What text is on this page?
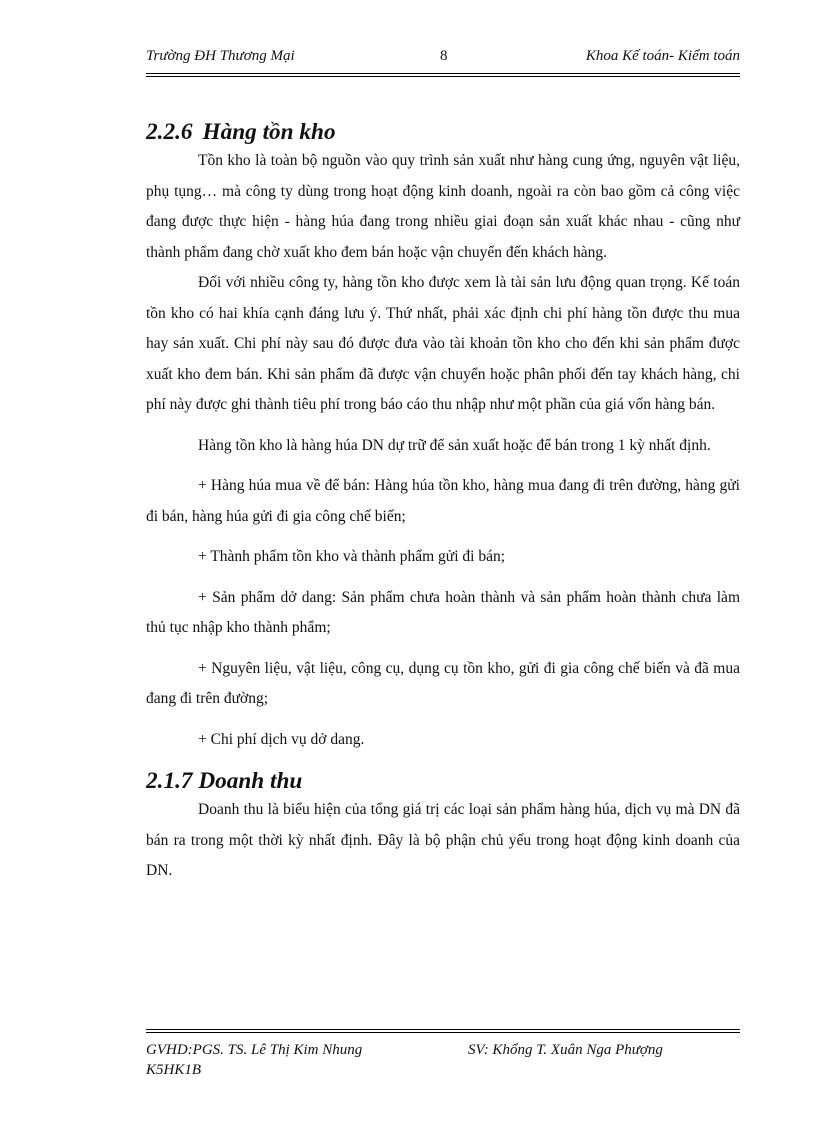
Trường ĐH Thương Mại	8	Khoa Kế toán- Kiểm toán
2.2.6 Hàng tồn kho

Tồn kho là toàn bộ nguồn vào quy trình sản xuất như hàng cung ứng, nguyên vật liệu, phụ tụng… mà công ty dùng trong hoạt động kinh doanh, ngoài ra còn bao gồm cả công việc đang được thực hiện - hàng húa đang trong nhiều giai đoạn sản xuất khác nhau - cũng như thành phẩm đang chờ xuất kho đem bán hoặc vận chuyển đến khách hàng.

Đối với nhiều công ty, hàng tồn kho được xem là tài sản lưu động quan trọng. Kế toán tồn kho có hai khía cạnh đáng lưu ý. Thứ nhất, phải xác định chi phí hàng tồn được thu mua hay sản xuất. Chi phí này sau đó được đưa vào tài khoản tồn kho cho đến khi sản phẩm được xuất kho đem bán. Khi sản phẩm đã được vận chuyển hoặc phân phối đến tay khách hàng, chi phí này được ghi thành tiêu phí trong báo cáo thu nhập như một phần của giá vốn hàng bán.

Hàng tồn kho là hàng húa DN dự trữ để sản xuất hoặc để bán trong 1 kỳ nhất định.

+ Hàng húa mua về để bán: Hàng húa tồn kho, hàng mua đang đi trên đường, hàng gửi đi bán, hàng húa gửi đi gia công chế biến;

+ Thành phẩm tồn kho và thành phẩm gửi đi bán;

+ Sản phẩm dở dang: Sản phẩm chưa hoàn thành và sản phẩm hoàn thành chưa làm thủ tục nhập kho thành phẩm;

+ Nguyên liệu, vật liệu, công cụ, dụng cụ tồn kho, gửi đi gia công chế biến và đã mua đang đi trên đường;

+ Chi phí dịch vụ dở dang.

2.1.7 Doanh thu

Doanh thu là biểu hiện của tổng giá trị các loại sản phẩm hàng húa, dịch vụ mà DN đã bán ra trong một thời kỳ nhất định. Đây là bộ phận chủ yếu trong hoạt động kinh doanh của DN.

GVHD:PGS. TS. Lê Thị Kim Nhung	SV: Khổng T. Xuân Nga Phượng
K5HK1B
